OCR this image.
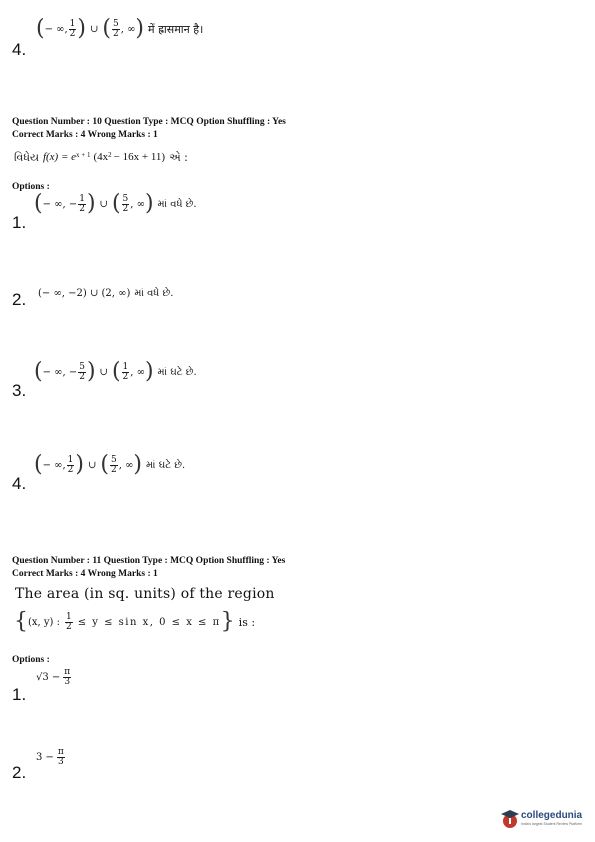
4.
( − ∞, $\frac{1}{2}$ ) ∪ ( $\frac{5}{2}$ , ∞ ) में ह्रासमान है।
Question Number : 10 Question Type : MCQ Option Shuffling : Yes
Correct Marks : 4 Wrong Marks : 1
વિધેય f(x) = e x + 1 (4x 2 − 16x + 11) એ :
Options :
1.
( − ∞, − $\frac{1}{2}$ ) ∪ ( $\frac{5}{2}$ , ∞ ) માં વધે છે.
2. (− ∞, −2) ∪ (2, ∞) માં વધે છે.
3.
( − ∞, − $\frac{5}{2}$ ) ∪ ( $\frac{1}{2}$ , ∞ ) માં ઘટે છે.
4.
( − ∞, $\frac{1}{2}$ ) ∪ ( $\frac{5}{2}$ , ∞ ) માં ઘટે છે.
Question Number : 11 Question Type : MCQ Option Shuffling : Yes
Correct Marks : 4 Wrong Marks : 1
The area (in sq. units) of the region
{ (x, y) : $\frac{1}{2} \le y \le \sin x$, 0 ≤ x ≤ π } is :
Options :
1.
$√3 - \frac{\pi}{3}$
2.
$3 - \frac{\pi}{3}$
collegedunia
India's largest Student Review Platform
